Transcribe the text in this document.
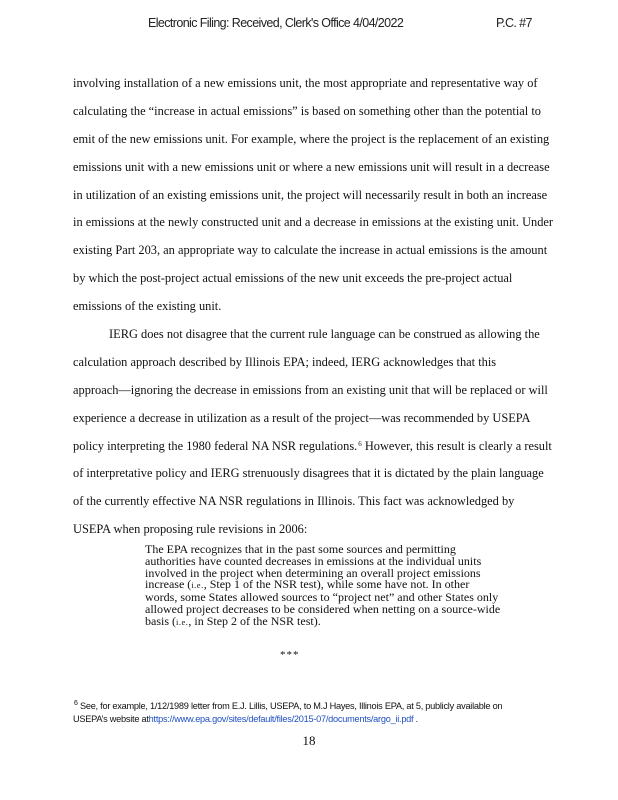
Electronic Filing: Received, Clerk's Office 4/04/2022	P.C. #7
involving installation of a new emissions unit, the most appropriate and representative way of
calculating the “increase in actual emissions” is based on something other than the potential to
emit of the new emissions unit. For example, where the project is the replacement of an existing
emissions unit with a new emissions unit or where a new emissions unit will result in a decrease
in utilization of an existing emissions unit, the project will necessarily result in both an increase
in emissions at the newly constructed unit and a decrease in emissions at the existing unit. Under
existing Part 203, an appropriate way to calculate the increase in actual emissions is the amount
by which the post-project actual emissions of the new unit exceeds the pre-project actual
emissions of the existing unit.
IERG does not disagree that the current rule language can be construed as allowing the
calculation approach described by Illinois EPA; indeed, IERG acknowledges that this
approach—ignoring the decrease in emissions from an existing unit that will be replaced or will
experience a decrease in utilization as a result of the project—was recommended by USEPA
policy interpreting the 1980 federal NA NSR regulations.$^6$ However, this result is clearly a result
of interpretative policy and IERG strenuously disagrees that it is dictated by the plain language
of the currently effective NA NSR regulations in Illinois. This fact was acknowledged by
USEPA when proposing rule revisions in 2006:
The EPA recognizes that in the past some sources and permitting
authorities have counted decreases in emissions at the individual units
involved in the project when determining an overall project emissions
increase (i.e., Step 1 of the NSR test), while some have not. In other
words, some States allowed sources to “project net” and other States only
allowed project decreases to be considered when netting on a source-wide
basis (i.e., in Step 2 of the NSR test).
***
$^6$ See, for example, 1/12/1989 letter from E.J. Lillis, USEPA, to M.J Hayes, Illinois EPA, at 5, publicly available on
USEPA’s website athttps://www.epa.gov/sites/default/files/2015-07/documents/argo_ii.pdf .
18
